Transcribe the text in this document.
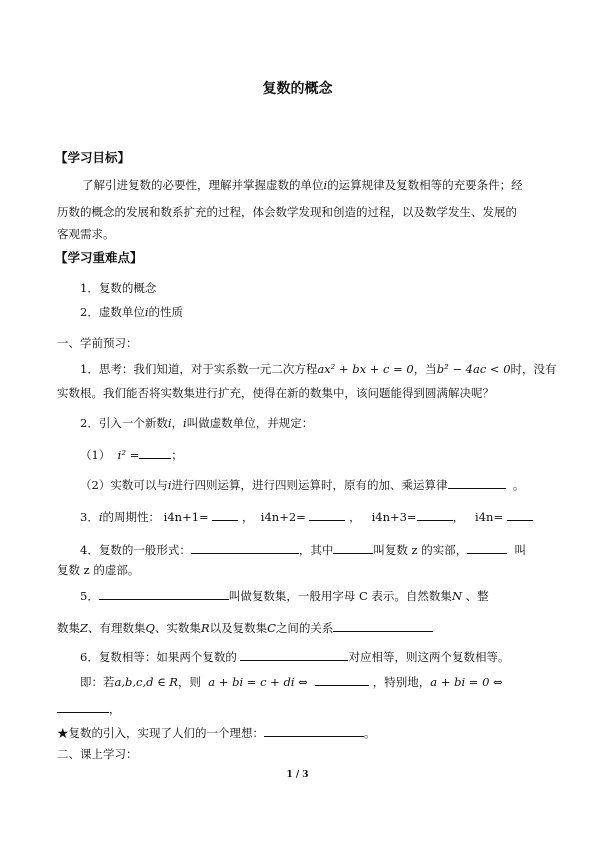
复数的概念
【学习目标】
了解引进复数的必要性，理解并掌握虚数的单位i的运算规律及复数相等的充要条件；经
历数的概念的发展和数系扩充的过程，体会数学发现和创造的过程，以及数学发生、发展的
客观需求。
【学习重难点】
1．复数的概念
2．虚数单位i的性质
一、学前预习：
1．思考：我们知道，对于实系数一元二次方程ax² + bx + c = 0，当b² − 4ac < 0时，没有
实数根。我们能否将实数集进行扩充，使得在新的数集中，该问题能得到圆满解决呢？
2．引入一个新数i，i叫做虚数单位，并规定：
（1） i² =	；
（2）实数可以与i进行四则运算，进行四则运算时，原有的加、乘运算律	。
3．i的周期性： i4n+1=	， i4n+2=	， i4n+3=	， i4n=
4．复数的一般形式：	，其中	叫复数 z 的实部，	叫
复数 z 的虚部。
5．	叫做复数集，一般用字母 C 表示。自然数集N 、整
数集Z、有理数集Q、实数集R以及复数集C之间的关系
6．复数相等：如果两个复数的	对应相等，则这两个复数相等。
即：若a,b,c,d ∈ R，则 a + bi = c + di ⇔	，特别地，a + bi = 0 ⇔
，
★复数的引入，实现了人们的一个理想：	。
二、课上学习：
1 / 3
